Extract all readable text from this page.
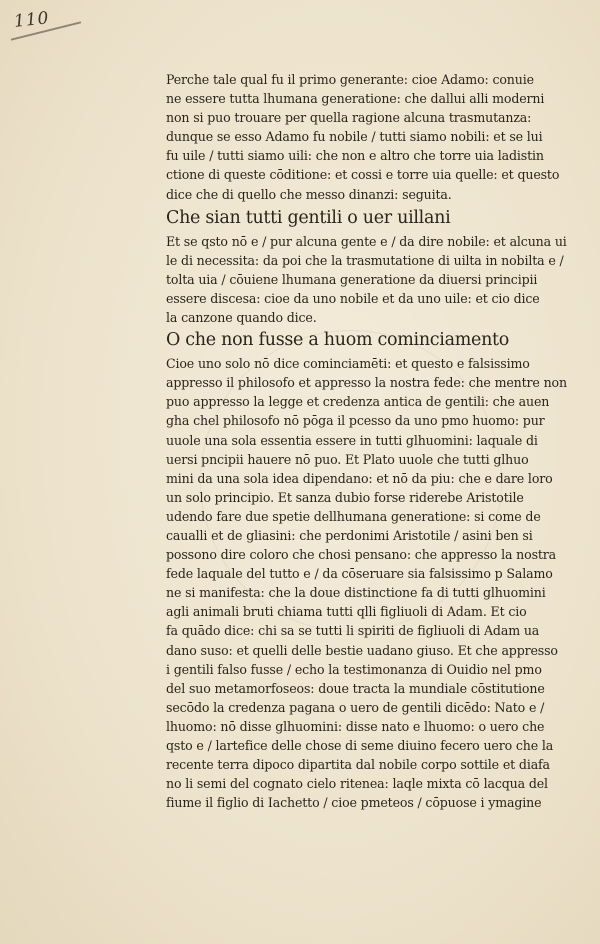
110
Perche tale qual fu il primo generante: cioe Adamo: conuie
ne essere tutta lhumana generatione: che dallui alli moderni
non si puo trouare per quella ragione alcuna trasmutanza:
dunque se esso Adamo fu nobile / tutti siamo nobili: et se lui
fu uile / tutti siamo uili: che non e altro che torre uia ladistin
ctione di queste cōditione: et cossi e torre uia quelle: et questo
dice che di quello che messo dinanzi: seguita.
Che sian tutti gentili o uer uillani
Et se qsto nō e / pur alcuna gente e / da dire nobile: et alcuna ui
le di necessita: da poi che la trasmutatione di uilta in nobilta e /
tolta uia / cōuiene lhumana generatione da diuersi principii
essere discesa: cioe da uno nobile et da uno uile: et cio dice
la canzone quando dice.
O che non fusse a huom cominciamento
Cioe uno solo nō dice cominciamēti: et questo e falsissimo
appresso il philosofo et appresso la nostra fede: che mentre non
puo appresso la legge et credenza antica de gentili: che auen
gha chel philosofo nō pōga il pcesso da uno pmo huomo: pur
uuole una sola essentia essere in tutti glhuomini: laquale di
uersi pncipii hauere nō puo. Et Plato uuole che tutti glhuo
mini da una sola idea dipendano: et nō da piu: che e dare loro
un solo principio. Et sanza dubio forse riderebe Aristotile
udendo fare due spetie dellhumana generatione: si come de
caualli et de gliasini: che perdonimi Aristotile / asini ben si
possono dire coloro che chosi pensano: che appresso la nostra
fede laquale del tutto e / da cōseruare sia falsissimo p Salamo
ne si manifesta: che la doue distinctione fa di tutti glhuomini
agli animali bruti chiama tutti qlli figliuoli di Adam. Et cio
fa quādo dice: chi sa se tutti li spiriti de figliuoli di Adam ua
dano suso: et quelli delle bestie uadano giuso. Et che appresso
i gentili falso fusse / echo la testimonanza di Ouidio nel pmo
del suo metamorfoseos: doue tracta la mundiale cōstitutione
secōdo la credenza pagana o uero de gentili dicēdo: Nato e /
lhuomo: nō disse glhuomini: disse nato e lhuomo: o uero che
qsto e / lartefice delle chose di seme diuino fecero uero che la
recente terra dipoco dipartita dal nobile corpo sottile et diafa
no li semi del cognato cielo ritenea: laqle mixta cō lacqua del
fiume il figlio di Iachetto / cioe pmeteos / cōpuose i ymagine
